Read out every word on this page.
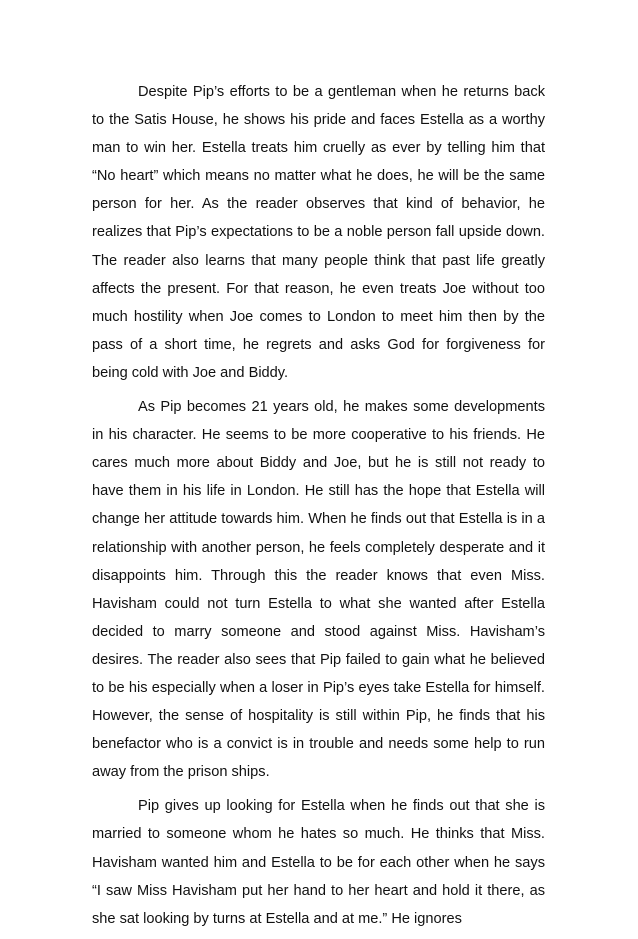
Despite Pip’s efforts to be a gentleman when he returns back to the Satis House, he shows his pride and faces Estella as a worthy man to win her. Estella treats him cruelly as ever by telling him that “No heart” which means no matter what he does, he will be the same person for her. As the reader observes that kind of behavior, he realizes that Pip’s expectations to be a noble person fall upside down. The reader also learns that many people think that past life greatly affects the present. For that reason, he even treats Joe without too much hostility when Joe comes to London to meet him then by the pass of a short time, he regrets and asks God for forgiveness for being cold with Joe and Biddy.

As Pip becomes 21 years old, he makes some developments in his character. He seems to be more cooperative to his friends. He cares much more about Biddy and Joe, but he is still not ready to have them in his life in London. He still has the hope that Estella will change her attitude towards him. When he finds out that Estella is in a relationship with another person, he feels completely desperate and it disappoints him. Through this the reader knows that even Miss. Havisham could not turn Estella to what she wanted after Estella decided to marry someone and stood against Miss. Havisham’s desires. The reader also sees that Pip failed to gain what he believed to be his especially when a loser in Pip’s eyes take Estella for himself. However, the sense of hospitality is still within Pip, he finds that his benefactor who is a convict is in trouble and needs some help to run away from the prison ships.

Pip gives up looking for Estella when he finds out that she is married to someone whom he hates so much. He thinks that Miss. Havisham wanted him and Estella to be for each other when he says “I saw Miss Havisham put her hand to her heart and hold it there, as she sat looking by turns at Estella and at me.” He ignores
